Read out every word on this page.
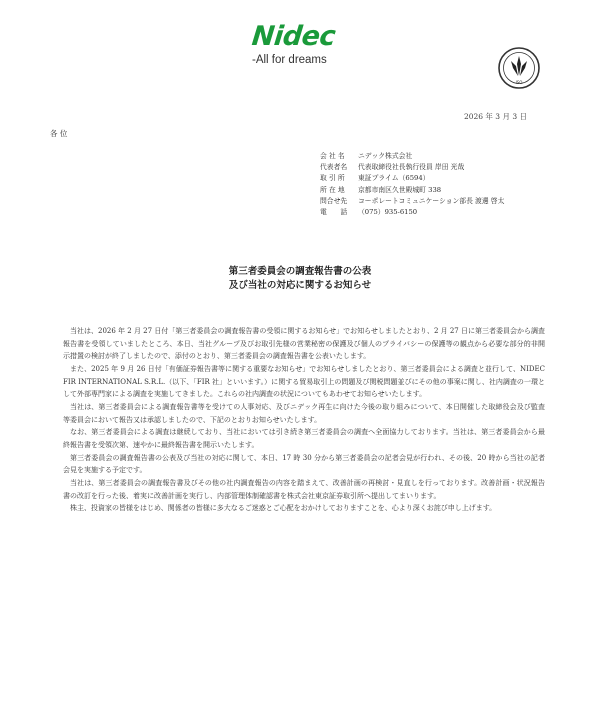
Nidec
-All for dreams
ISO
2026 年 3 月 3 日
各 位
会 社 名	ニデック株式会社
代表者名	代表取締役社長執行役員 岸田 光哉
取 引 所	東証プライム（6594）
所 在 地	京都市南区久世殿城町 338
問合せ先	コーポレートコミュニケーション部長 渡邊 啓太
電　　話	（075）935-6150
第三者委員会の調査報告書の公表
及び当社の対応に関するお知らせ

当社は、2026 年 2 月 27 日付「第三者委員会の調査報告書の受領に関するお知らせ」でお知らせしましたとおり、2 月 27 日に第三者委員会から調査報告書を受領していましたところ、本日、当社グループ及びお取引先様の営業秘密の保護及び個人のプライバシーの保護等の観点から必要な部分的非開示措置の検討が終了しましたので、添付のとおり、第三者委員会の調査報告書を公表いたします。

また、2025 年 9 月 26 日付「有価証券報告書等に関する重要なお知らせ」でお知らせしましたとおり、第三者委員会による調査と並行して、NIDEC FIR INTERNATIONAL S.R.L.（以下、「FIR 社」といいます。）に関する貿易取引上の問題及び関税問題並びにその他の事案に関し、社内調査の一環として外部専門家による調査を実施してきました。これらの社内調査の状況についてもあわせてお知らせいたします。

当社は、第三者委員会による調査報告書等を受けての人事対応、及びニデック再生に向けた今後の取り組みについて、本日開催した取締役会及び監査等委員会において報告又は承認しましたので、下記のとおりお知らせいたします。

なお、第三者委員会による調査は継続しており、当社においては引き続き第三者委員会の調査へ全面協力しております。当社は、第三者委員会から最終報告書を受領次第、速やかに最終報告書を開示いたします。

第三者委員会の調査報告書の公表及び当社の対応に関して、本日、17 時 30 分から第三者委員会の記者会見が行われ、その後、20 時から当社の記者会見を実施する予定です。

当社は、第三者委員会の調査報告書及びその他の社内調査報告の内容を踏まえて、改善計画の再検討・見直しを行っております。改善計画・状況報告書の改訂を行った後、着実に改善計画を実行し、内部管理体制確認書を株式会社東京証券取引所へ提出してまいります。

株主、投資家の皆様をはじめ、関係者の皆様に多大なるご迷惑とご心配をおかけしておりますことを、心より深くお詫び申し上げます。
